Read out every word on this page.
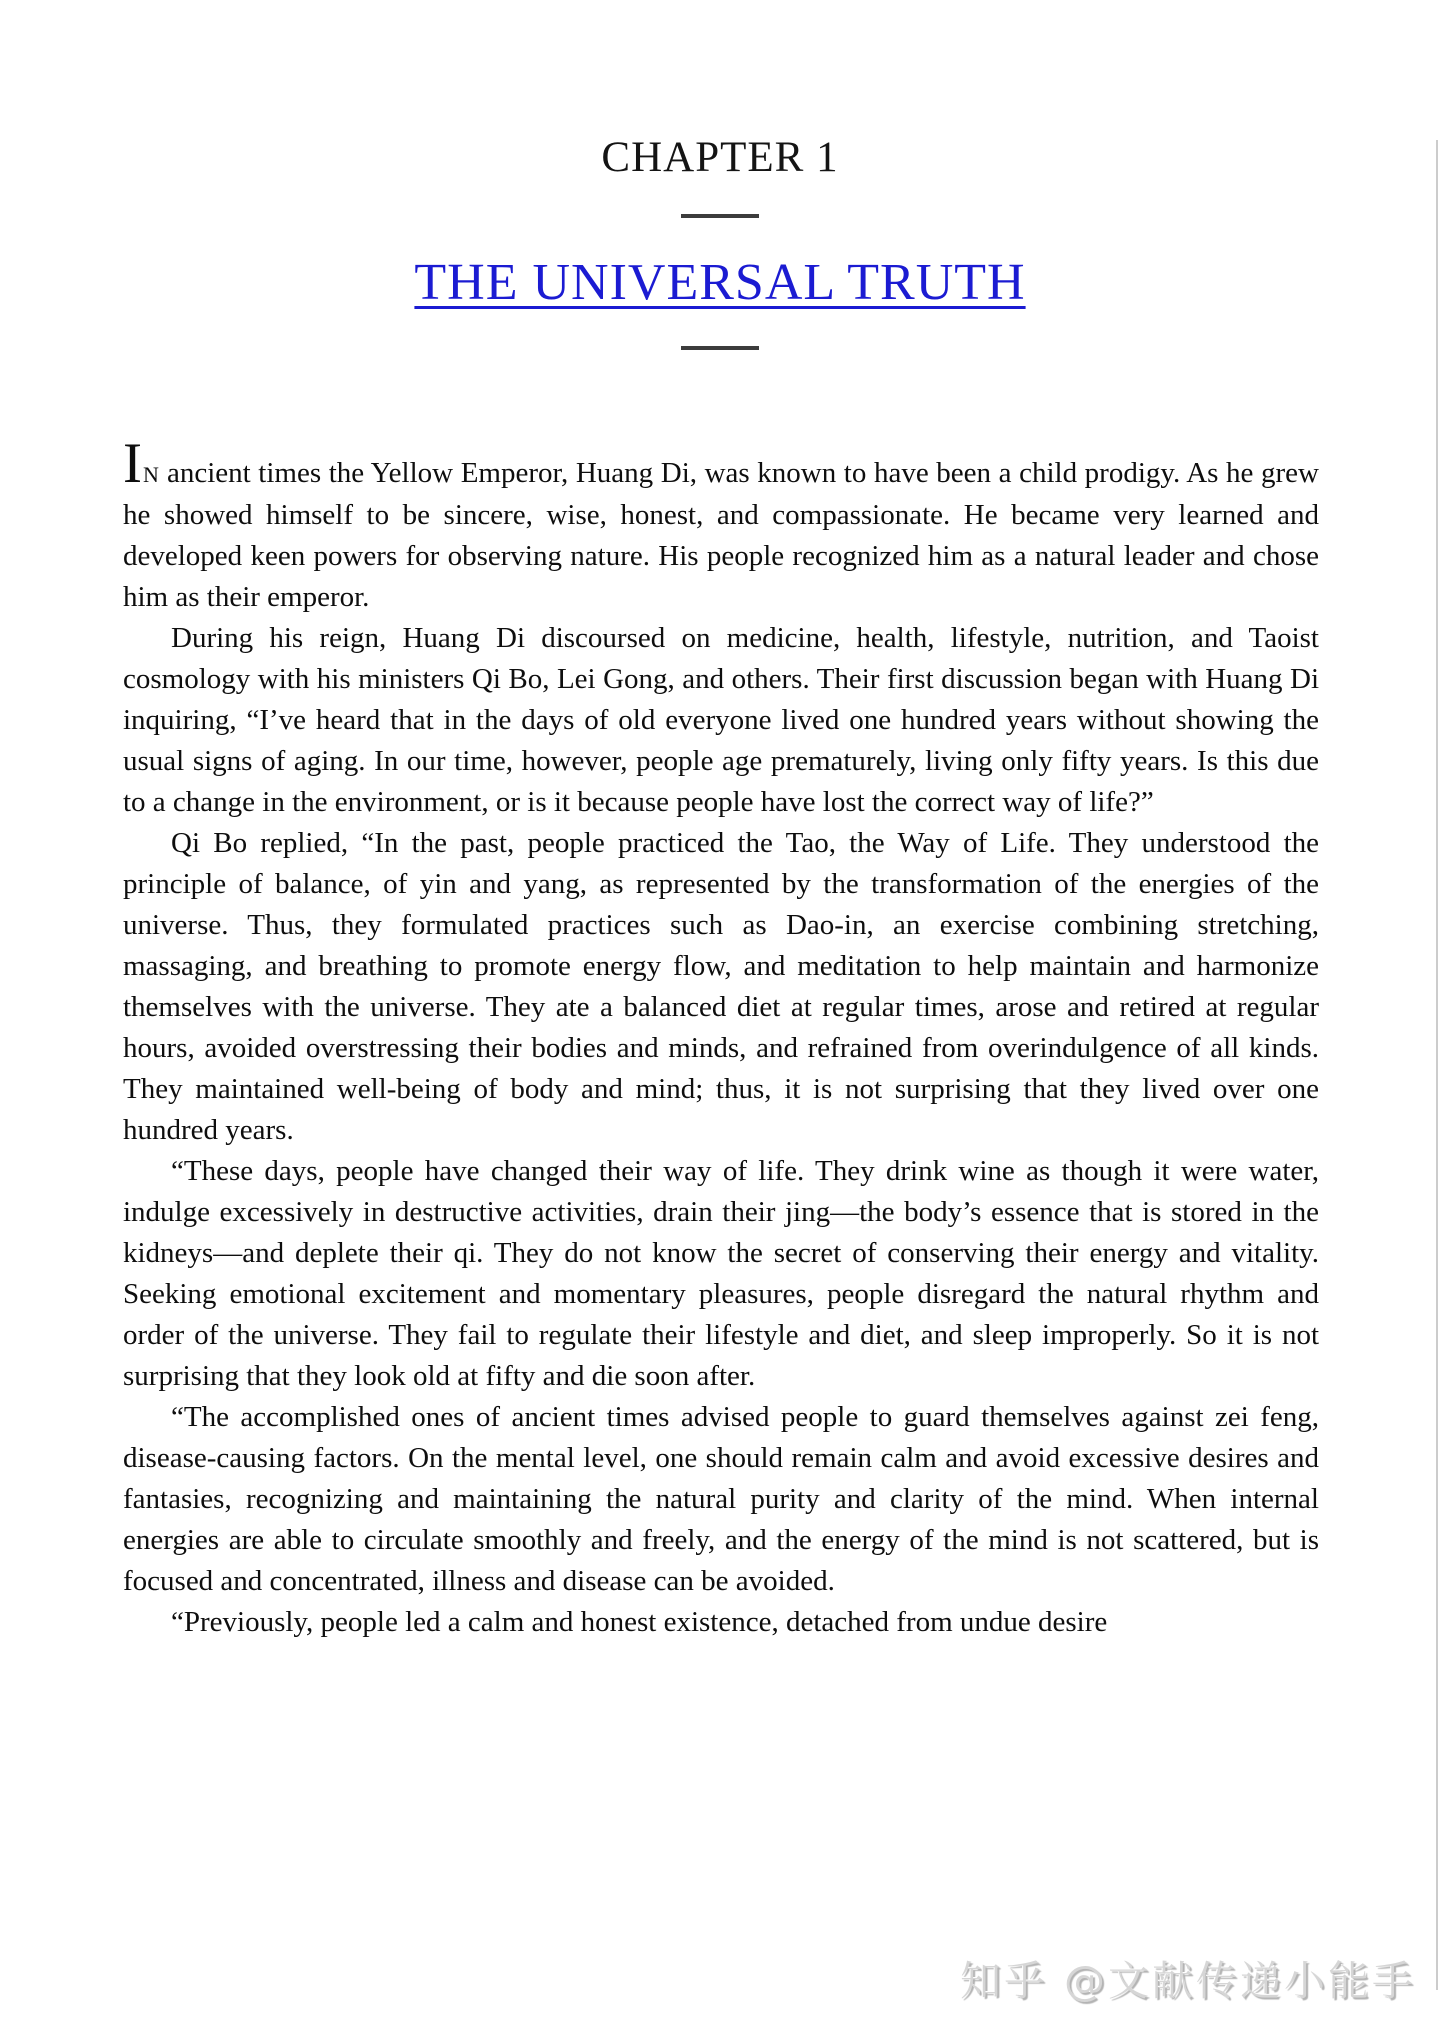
CHAPTER 1
THE UNIVERSAL TRUTH

IN ancient times the Yellow Emperor, Huang Di, was known to have been a child prodigy. As he grew he showed himself to be sincere, wise, honest, and compassionate. He became very learned and developed keen powers for observing nature. His people recognized him as a natural leader and chose him as their emperor.

During his reign, Huang Di discoursed on medicine, health, lifestyle, nutrition, and Taoist cosmology with his ministers Qi Bo, Lei Gong, and others. Their first discussion began with Huang Di inquiring, “I’ve heard that in the days of old everyone lived one hundred years without showing the usual signs of aging. In our time, however, people age prematurely, living only fifty years. Is this due to a change in the environment, or is it because people have lost the correct way of life?”

Qi Bo replied, “In the past, people practiced the Tao, the Way of Life. They understood the principle of balance, of yin and yang, as represented by the transformation of the energies of the universe. Thus, they formulated practices such as Dao-in, an exercise combining stretching, massaging, and breathing to promote energy flow, and meditation to help maintain and harmonize themselves with the universe. They ate a balanced diet at regular times, arose and retired at regular hours, avoided overstressing their bodies and minds, and refrained from overindulgence of all kinds. They maintained well-being of body and mind; thus, it is not surprising that they lived over one hundred years.

“These days, people have changed their way of life. They drink wine as though it were water, indulge excessively in destructive activities, drain their jing—the body’s essence that is stored in the kidneys—and deplete their qi. They do not know the secret of conserving their energy and vitality. Seeking emotional excitement and momentary pleasures, people disregard the natural rhythm and order of the universe. They fail to regulate their lifestyle and diet, and sleep improperly. So it is not surprising that they look old at fifty and die soon after.

“The accomplished ones of ancient times advised people to guard themselves against zei feng, disease-causing factors. On the mental level, one should remain calm and avoid excessive desires and fantasies, recognizing and maintaining the natural purity and clarity of the mind. When internal energies are able to circulate smoothly and freely, and the energy of the mind is not scattered, but is focused and concentrated, illness and disease can be avoided.

“Previously, people led a calm and honest existence, detached from undue desire

知乎 @文献传递小能手
